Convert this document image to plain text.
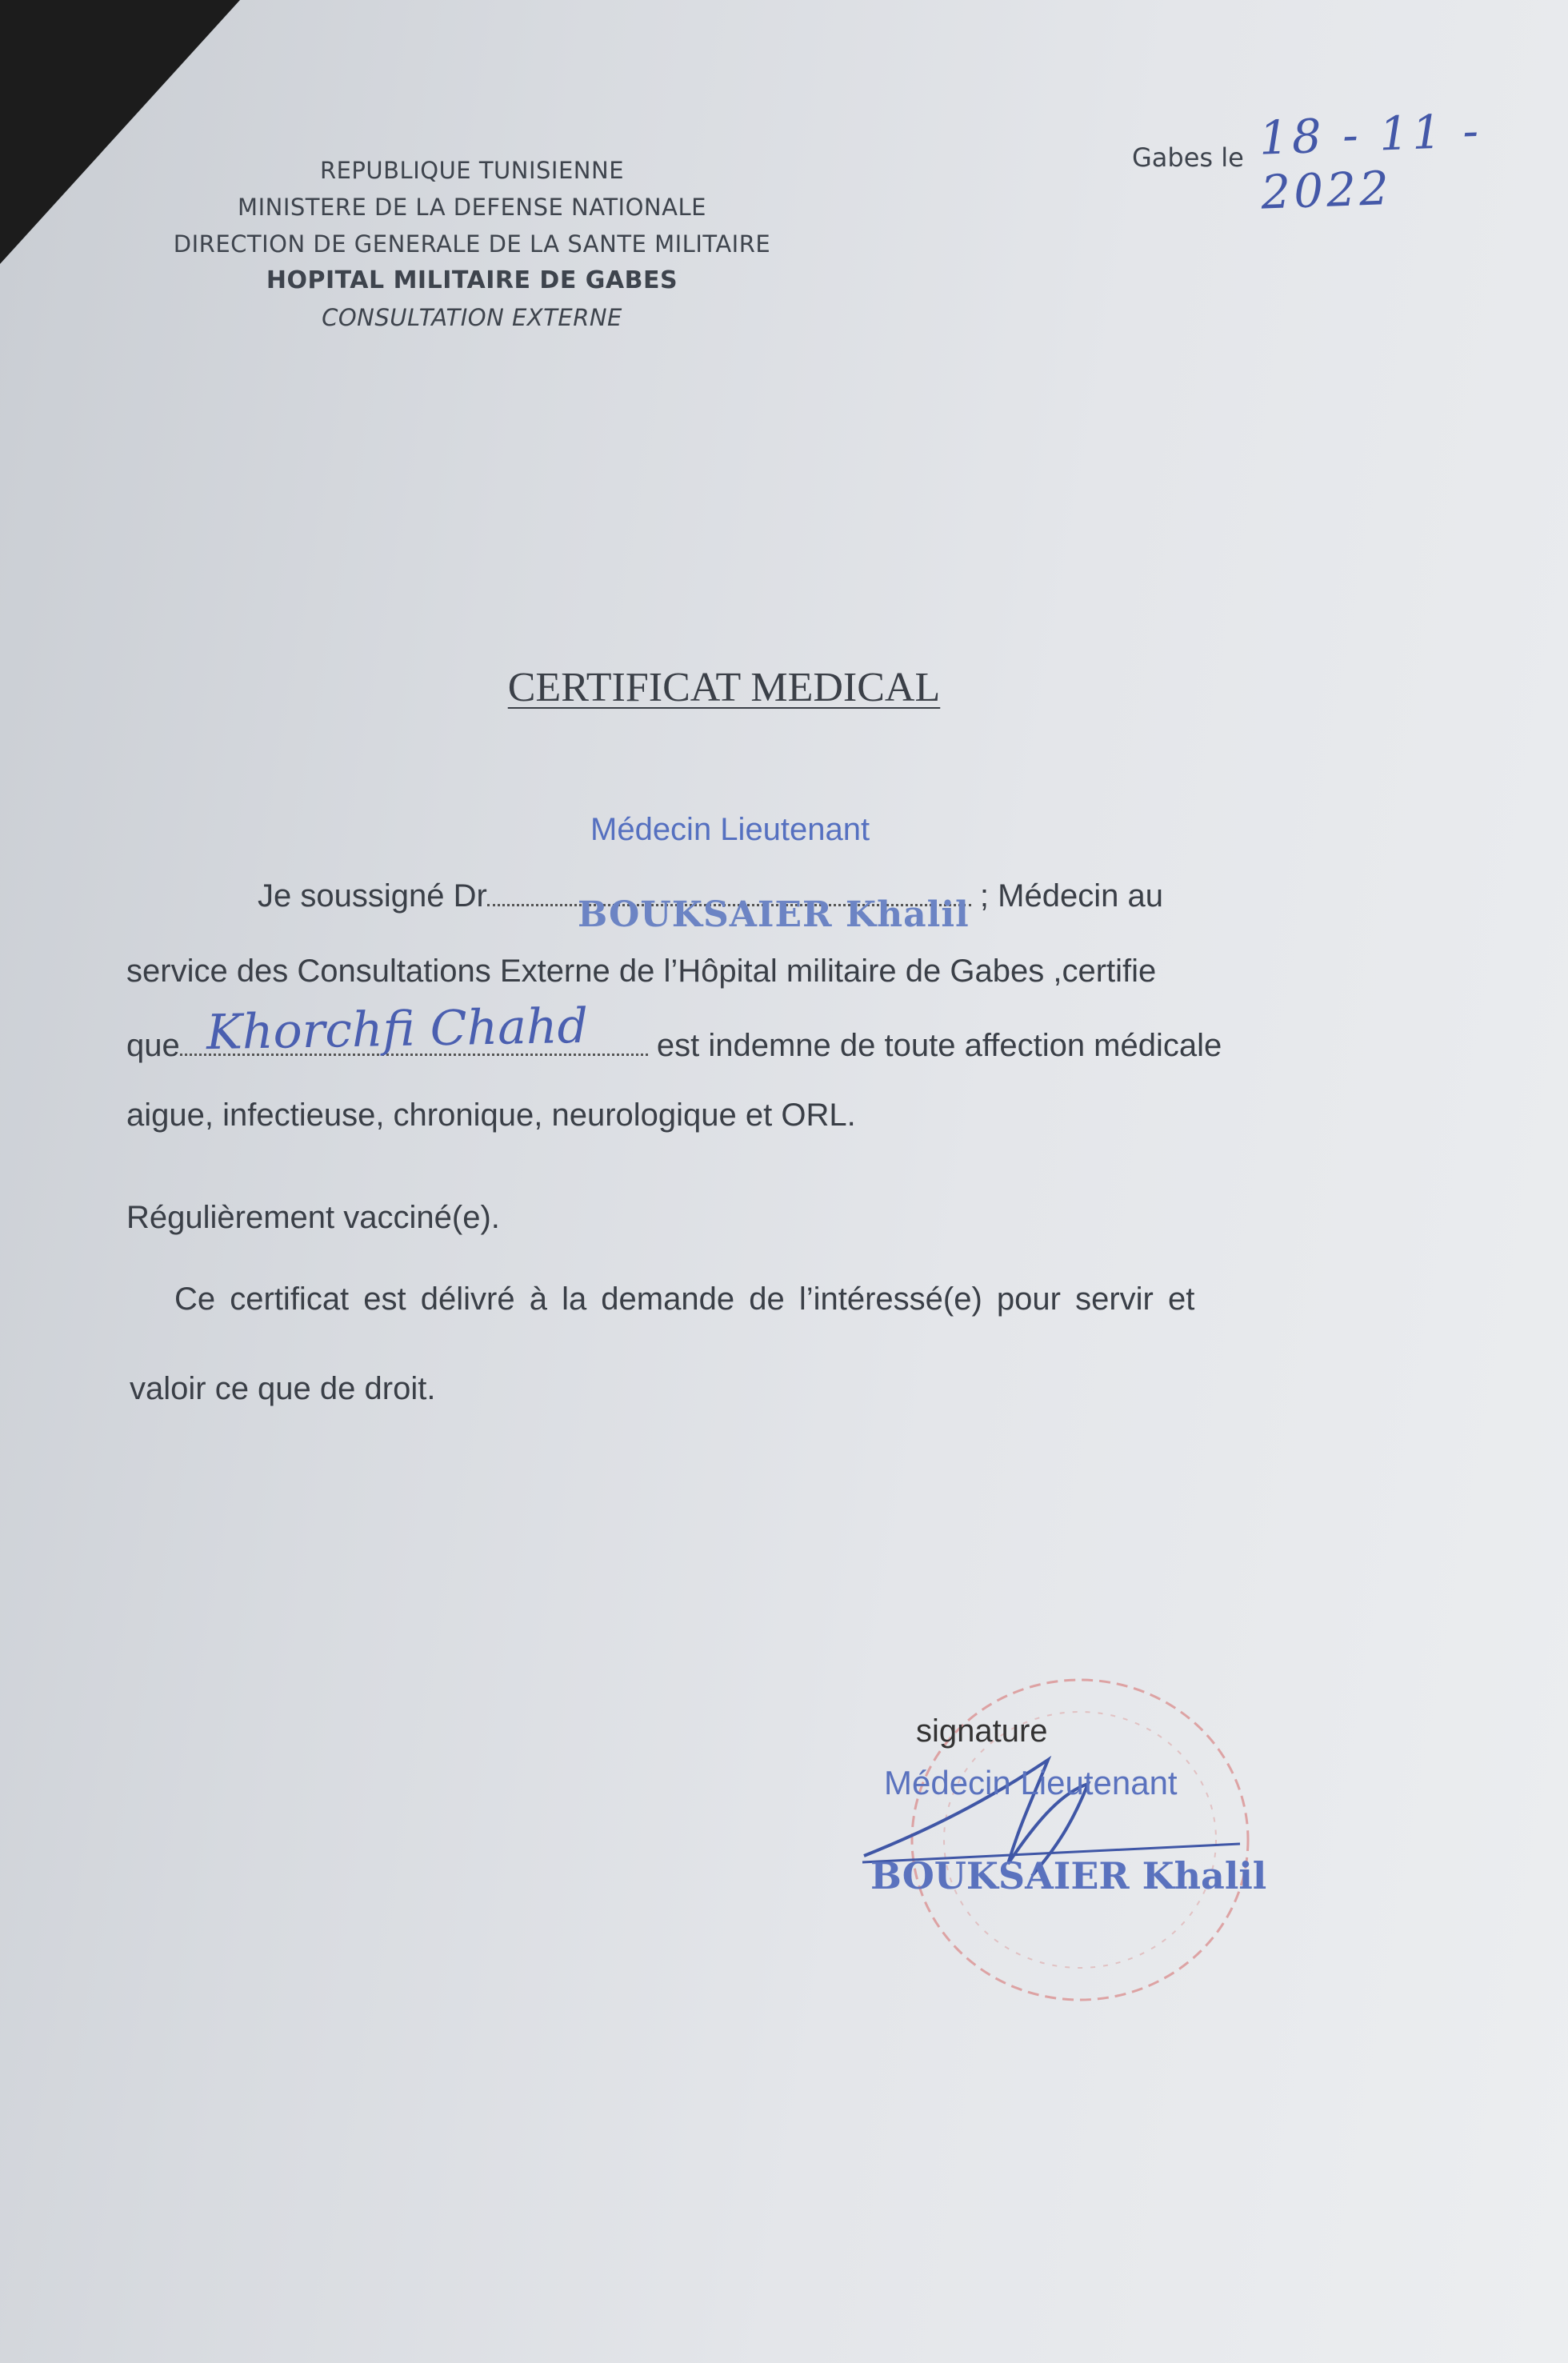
REPUBLIQUE TUNISIENNE
MINISTERE DE LA DEFENSE NATIONALE
DIRECTION DE GENERALE DE LA SANTE MILITAIRE
HOPITAL MILITAIRE DE GABES
CONSULTATION EXTERNE
Gabes le 18 - 11 - 2022
CERTIFICAT MEDICAL
Médecin Lieutenant
Je soussigné Dr	; Médecin au
BOUKSAIER Khalil
service des Consultations Externe de l’Hôpital militaire de Gabes ,certifie
que	est indemne de toute affection médicale
Khorchfi Chahd
aigue, infectieuse, chronique, neurologique et ORL.
Régulièrement vacciné(e).
Ce certificat est délivré à la demande de l’intéressé(e) pour servir et
valoir ce que de droit.
signature
Médecin Lieutenant
BOUKSAIER Khalil
